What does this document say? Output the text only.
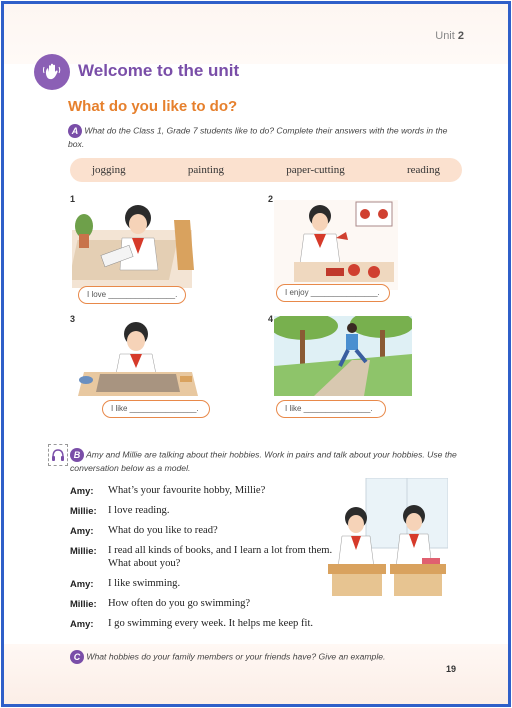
Unit 2
Welcome to the unit
What do you like to do?
A What do the Class 1, Grade 7 students like to do? Complete their answers with the words in the box.
jogging	painting	paper-cutting	reading
1
I love _______________.
2
I enjoy _______________.
3
I like _______________.
4
I like _______________.
B Amy and Millie are talking about their hobbies. Work in pairs and talk about your hobbies. Use the conversation below as a model.
Amy:	What’s your favourite hobby, Millie?
Millie:	I love reading.
Amy:	What do you like to read?
Millie:	I read all kinds of books, and I learn a lot from them. What about you?
Amy:	I like swimming.
Millie:	How often do you go swimming?
Amy:	I go swimming every week. It helps me keep fit.
C What hobbies do your family members or your friends have? Give an example.
19
